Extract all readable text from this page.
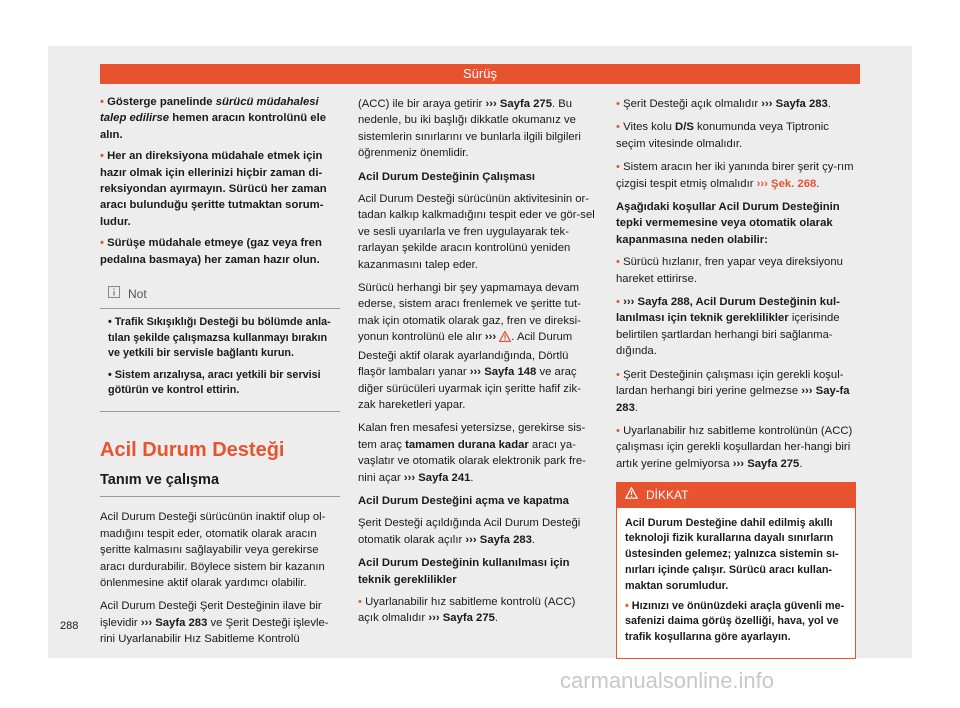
Sürüş

• Gösterge panelinde sürücü müdahalesi talep edilirse hemen aracın kontrolünü ele alın.

• Her an direksiyona müdahale etmek için hazır olmak için ellerinizi hiçbir zaman di-reksiyondan ayırmayın. Sürücü her zaman aracı bulunduğu şeritte tutmaktan sorum-ludur.

• Sürüşe müdahale etmeye (gaz veya fren pedalına basmaya) her zaman hazır olun.

Not

• Trafik Sıkışıklığı Desteği bu bölümde anla-tılan şekilde çalışmazsa kullanmayı bırakın ve yetkili bir servisle bağlantı kurun.

• Sistem arızalıysa, aracı yetkili bir servisi götürün ve kontrol ettirin.

Acil Durum Desteği
Tanım ve çalışma

Acil Durum Desteği sürücünün inaktif olup ol-madığını tespit eder, otomatik olarak aracın şeritte kalmasını sağlayabilir veya gerekirse aracı durdurabilir. Böylece sistem bir kazanın önlenmesine aktif olarak yardımcı olabilir.

Acil Durum Desteği Şerit Desteğinin ilave bir işlevidir ››› Sayfa 283 ve Şerit Desteği işlevle-rini Uyarlanabilir Hız Sabitleme Kontrolü

(ACC) ile bir araya getirir ››› Sayfa 275. Bu nedenle, bu iki başlığı dikkatle okumanız ve sistemlerin sınırlarını ve bunlarla ilgili bilgileri öğrenmeniz önemlidir.

Acil Durum Desteğinin Çalışması

Acil Durum Desteği sürücünün aktivitesinin or-tadan kalkıp kalkmadığını tespit eder ve gör-sel ve sesli uyarılarla ve fren uygulayarak tek-rarlayan şekilde aracın kontrolünü yeniden kazanmasını talep eder.

Sürücü herhangi bir şey yapmamaya devam ederse, sistem aracı frenlemek ve şeritte tut-mak için otomatik olarak gaz, fren ve direksi-yonun kontrolünü ele alır ››› . Acil Durum Desteği aktif olarak ayarlandığında, Dörtlü flaşör lambaları yanar ››› Sayfa 148 ve araç diğer sürücüleri uyarmak için şeritte hafif zik-zak hareketleri yapar.

Kalan fren mesafesi yetersizse, gerekirse sis-tem araç tamamen durana kadar aracı ya-vaşlatır ve otomatik olarak elektronik park fre-nini açar ››› Sayfa 241.

Acil Durum Desteğini açma ve kapatma

Şerit Desteği açıldığında Acil Durum Desteği otomatik olarak açılır ››› Sayfa 283.

Acil Durum Desteğinin kullanılması için teknik gereklilikler

• Uyarlanabilir hız sabitleme kontrolü (ACC) açık olmalıdır ››› Sayfa 275.

• Şerit Desteği açık olmalıdır ››› Sayfa 283.

• Vites kolu D/S konumunda veya Tiptronic seçim vitesinde olmalıdır.

• Sistem aracın her iki yanında birer şerit çy-rım çizgisi tespit etmiş olmalıdır ››› Şek. 268.

Aşağıdaki koşullar Acil Durum Desteğinin tepki vermemesine veya otomatik olarak kapanmasına neden olabilir:

• Sürücü hızlanır, fren yapar veya direksiyonu hareket ettirirse.

• ››› Sayfa 288, Acil Durum Desteğinin kul-lanılması için teknik gereklilikler içerisinde belirtilen şartlardan herhangi biri sağlanma-dığında.

• Şerit Desteğinin çalışması için gerekli koşul-lardan herhangi biri yerine gelmezse ››› Say-fa 283.

• Uyarlanabilir hız sabitleme kontrolünün (ACC) çalışması için gerekli koşullardan her-hangi biri artık yerine gelmiyorsa ››› Sayfa 275.

DİKKAT

Acil Durum Desteğine dahil edilmiş akıllı teknoloji fizik kurallarına dayalı sınırların üstesinden gelemez; yalnızca sistemin sı-nırları içinde çalışır. Sürücü aracı kullan-maktan sorumludur.

• Hızınızı ve önünüzdeki araçla güvenli me-safenizi daima görüş özelliği, hava, yol ve trafik koşullarına göre ayarlayın.

288
carmanualsonline.info
